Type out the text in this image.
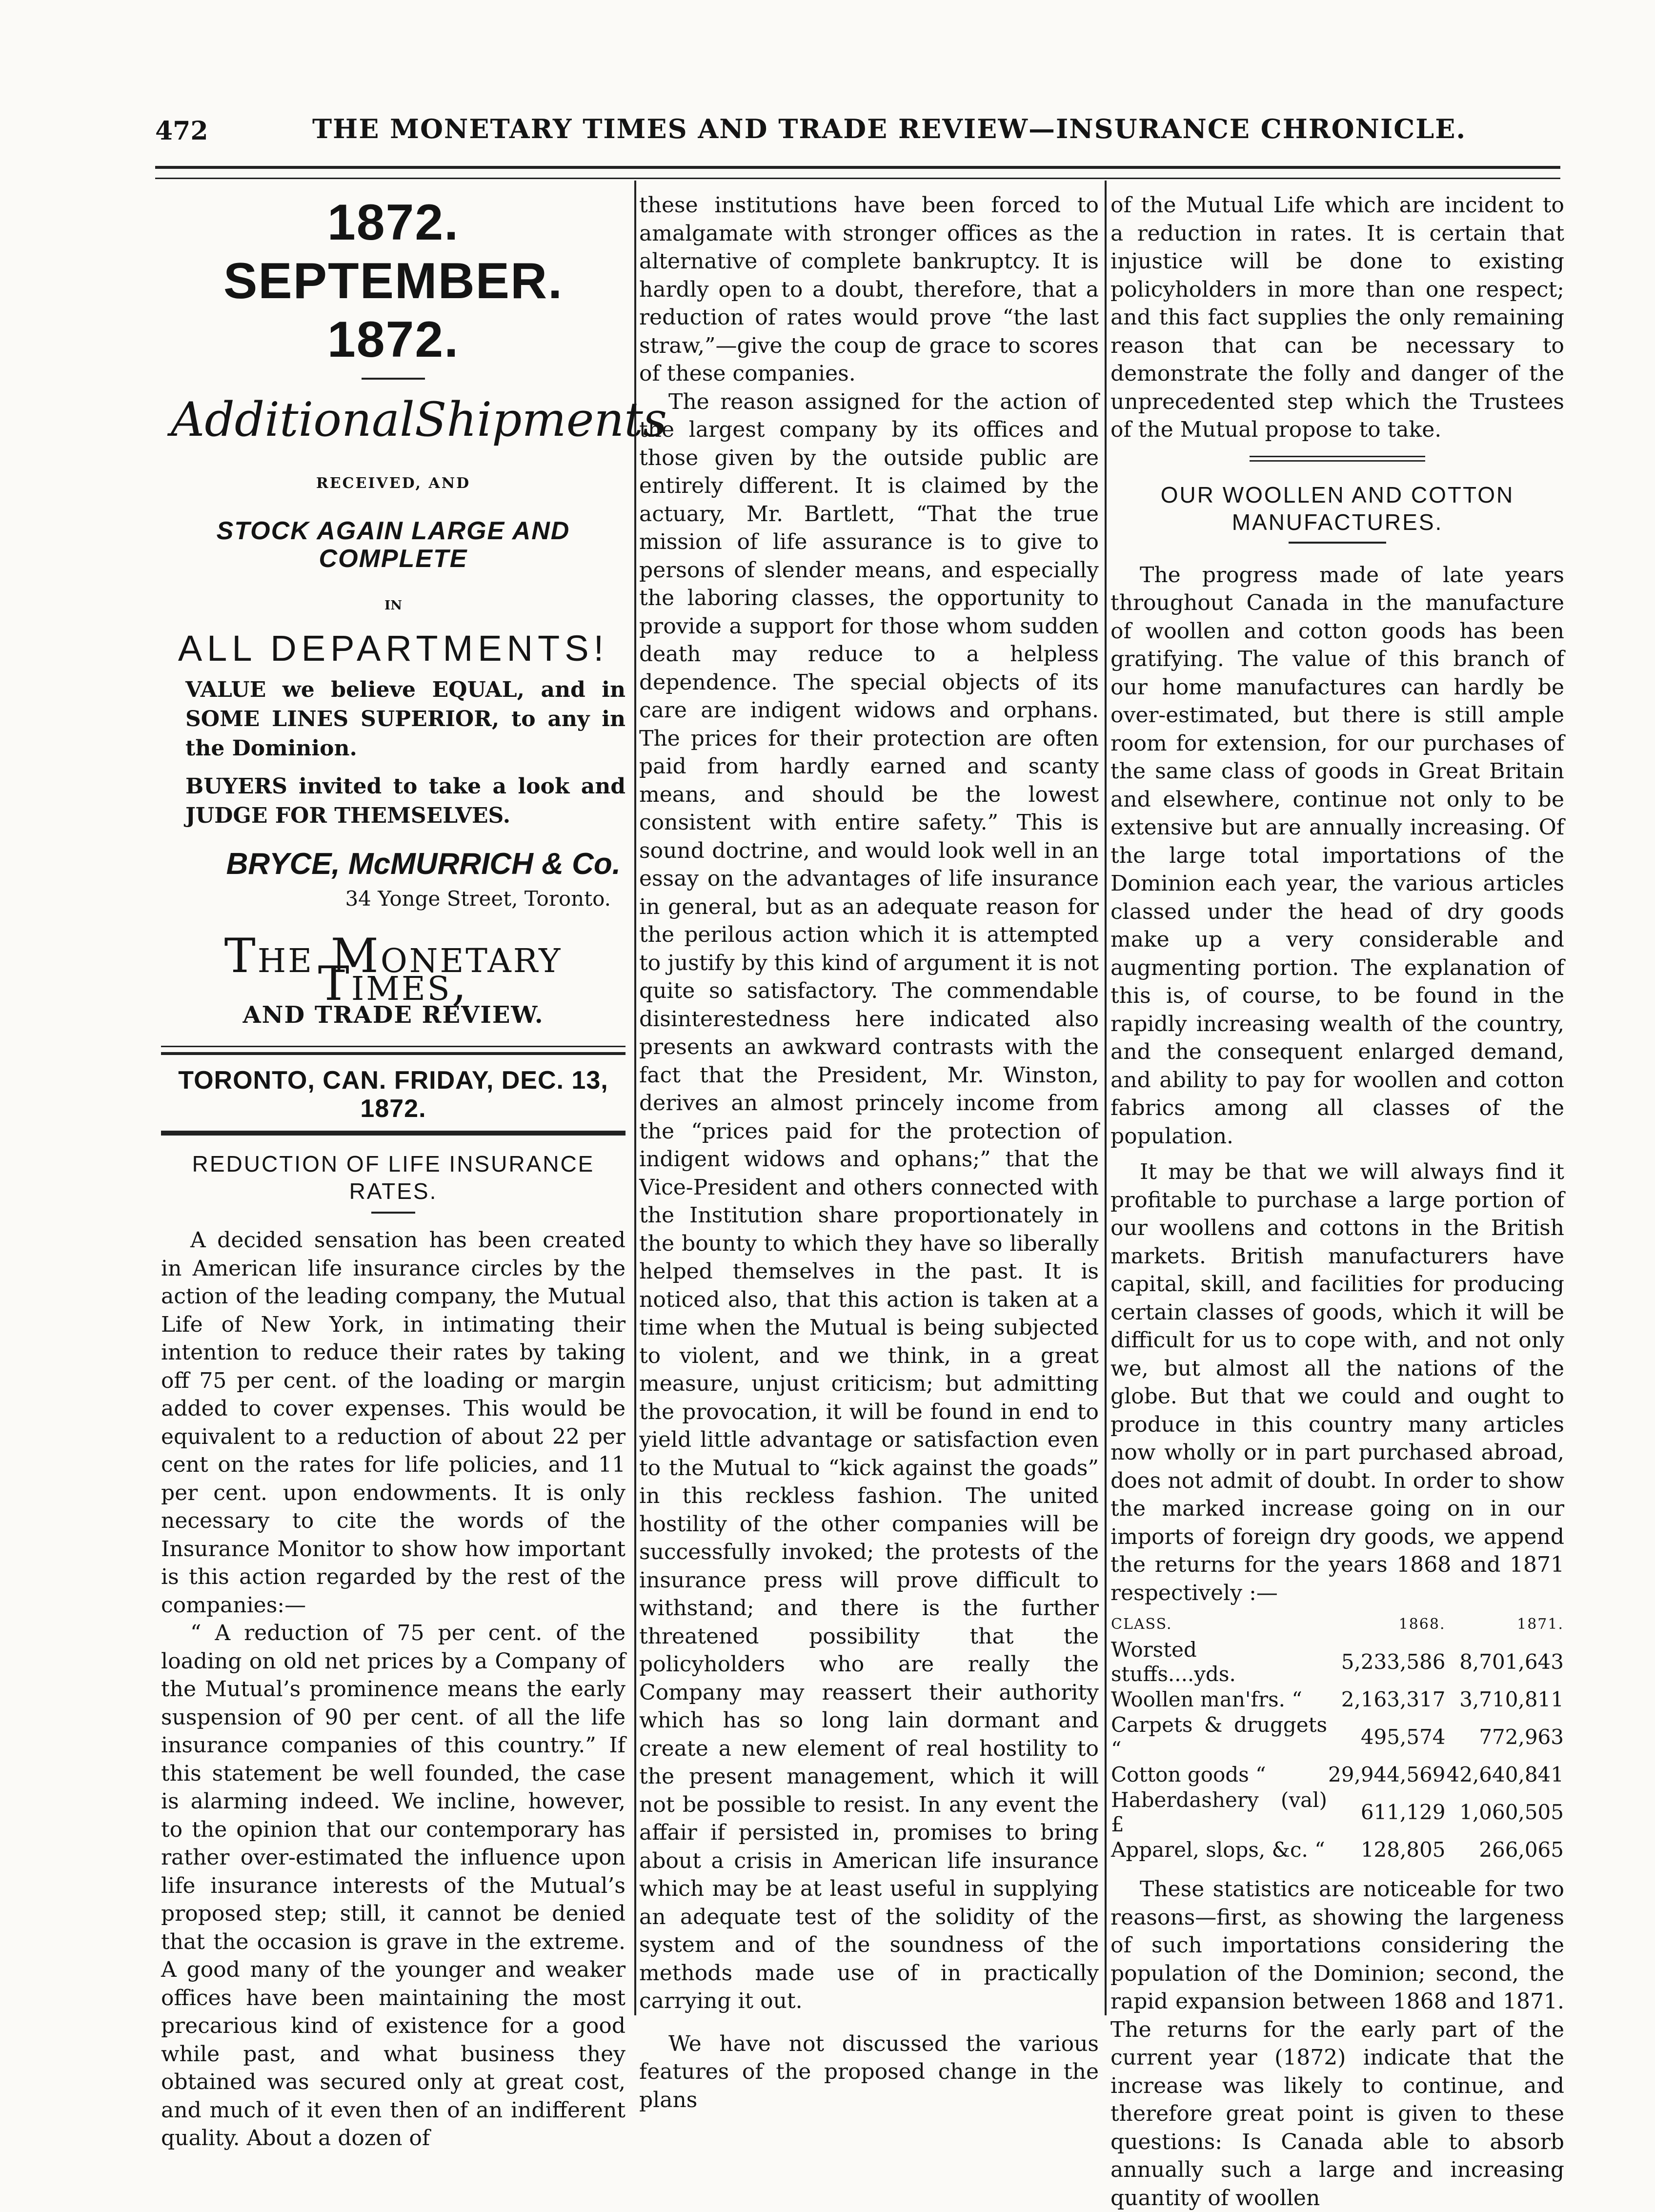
472	THE MONETARY TIMES AND TRADE REVIEW—INSURANCE CHRONICLE.
1872. SEPTEMBER. 1872.
Additional Shipments
RECEIVED, AND
STOCK AGAIN LARGE AND COMPLETE
IN
ALL DEPARTMENTS!
VALUE we believe EQUAL, and in SOME LINES SUPERIOR, to any in the Dominion.
BUYERS invited to take a look and JUDGE FOR THEMSELVES.
BRYCE, McMURRICH & Co.
34 Yonge Street, Toronto.
The Monetary Times,
AND TRADE REVIEW.
TORONTO, CAN. FRIDAY, DEC. 13, 1872.
REDUCTION OF LIFE INSURANCE RATES.

A decided sensation has been created in American life insurance circles by the action of the leading company, the Mutual Life of New York, in intimating their intention to reduce their rates by taking off 75 per cent. of the loading or margin added to cover expenses. This would be equivalent to a reduction of about 22 per cent on the rates for life policies, and 11 per cent. upon endowments. It is only necessary to cite the words of the Insurance Monitor to show how important is this action regarded by the rest of the companies:—

“ A reduction of 75 per cent. of the loading on old net prices by a Company of the Mutual’s prominence means the early suspension of 90 per cent. of all the life insurance companies of this country.” If this statement be well founded, the case is alarming indeed. We incline, however, to the opinion that our contemporary has rather over-estimated the influence upon life insurance interests of the Mutual’s proposed step; still, it cannot be denied that the occasion is grave in the extreme. A good many of the younger and weaker offices have been maintaining the most precarious kind of existence for a good while past, and what business they obtained was secured only at great cost, and much of it even then of an indifferent quality. About a dozen of

these institutions have been forced to amalgamate with stronger offices as the alternative of complete bankruptcy. It is hardly open to a doubt, therefore, that a reduction of rates would prove “the last straw,”—give the coup de grace to scores of these companies.

The reason assigned for the action of the largest company by its offices and those given by the outside public are entirely different. It is claimed by the actuary, Mr. Bartlett, “That the true mission of life assurance is to give to persons of slender means, and especially the laboring classes, the opportunity to provide a support for those whom sudden death may reduce to a helpless dependence. The special objects of its care are indigent widows and orphans. The prices for their protection are often paid from hardly earned and scanty means, and should be the lowest consistent with entire safety.” This is sound doctrine, and would look well in an essay on the advantages of life insurance in general, but as an adequate reason for the perilous action which it is attempted to justify by this kind of argument it is not quite so satisfactory. The commendable disinterestedness here indicated also presents an awkward contrasts with the fact that the President, Mr. Winston, derives an almost princely income from the “prices paid for the protection of indigent widows and ophans;” that the Vice-President and others connected with the Institution share proportionately in the bounty to which they have so liberally helped themselves in the past. It is noticed also, that this action is taken at a time when the Mutual is being subjected to violent, and we think, in a great measure, unjust criticism; but admitting the provocation, it will be found in end to yield little advantage or satisfaction even to the Mutual to “kick against the goads” in this reckless fashion. The united hostility of the other companies will be successfully invoked; the protests of the insurance press will prove difficult to withstand; and there is the further threatened possibility that the policyholders who are really the Company may reassert their authority which has so long lain dormant and create a new element of real hostility to the present management, which it will not be possible to resist. In any event the affair if persisted in, promises to bring about a crisis in American life insurance which may be at least useful in supplying an adequate test of the solidity of the system and of the soundness of the methods made use of in practically carrying it out.

We have not discussed the various features of the proposed change in the plans

of the Mutual Life which are incident to a reduction in rates. It is certain that injustice will be done to existing policyholders in more than one respect; and this fact supplies the only remaining reason that can be necessary to demonstrate the folly and danger of the unprecedented step which the Trustees of the Mutual propose to take.

OUR WOOLLEN AND COTTON MANUFACTURES.

The progress made of late years throughout Canada in the manufacture of woollen and cotton goods has been gratifying. The value of this branch of our home manufactures can hardly be over-estimated, but there is still ample room for extension, for our purchases of the same class of goods in Great Britain and elsewhere, continue not only to be extensive but are annually increasing. Of the large total importations of the Dominion each year, the various articles classed under the head of dry goods make up a very considerable and augmenting portion. The explanation of this is, of course, to be found in the rapidly increasing wealth of the country, and the consequent enlarged demand, and ability to pay for woollen and cotton fabrics among all classes of the population.

It may be that we will always find it profitable to purchase a large portion of our woollens and cottons in the British markets. British manufacturers have capital, skill, and facilities for producing certain classes of goods, which it will be difficult for us to cope with, and not only we, but almost all the nations of the globe. But that we could and ought to produce in this country many articles now wholly or in part purchased abroad, does not admit of doubt. In order to show the marked increase going on in our imports of foreign dry goods, we append the returns for the years 1868 and 1871 respectively :—

CLASS.	1868.	1871.
Worsted stuffs....yds.	5,233,586	8,701,643
Woollen man'frs. “	2,163,317	3,710,811
Carpets & druggets “	495,574	772,963
Cotton goods “	29,944,569	42,640,841
Haberdashery (val) £	611,129	1,060,505
Apparel, slops, &c. “	128,805	266,065

These statistics are noticeable for two reasons—first, as showing the largeness of such importations considering the population of the Dominion; second, the rapid expansion between 1868 and 1871. The returns for the early part of the current year (1872) indicate that the increase was likely to continue, and therefore great point is given to these questions: Is Canada able to absorb annually such a large and increasing quantity of woollen
